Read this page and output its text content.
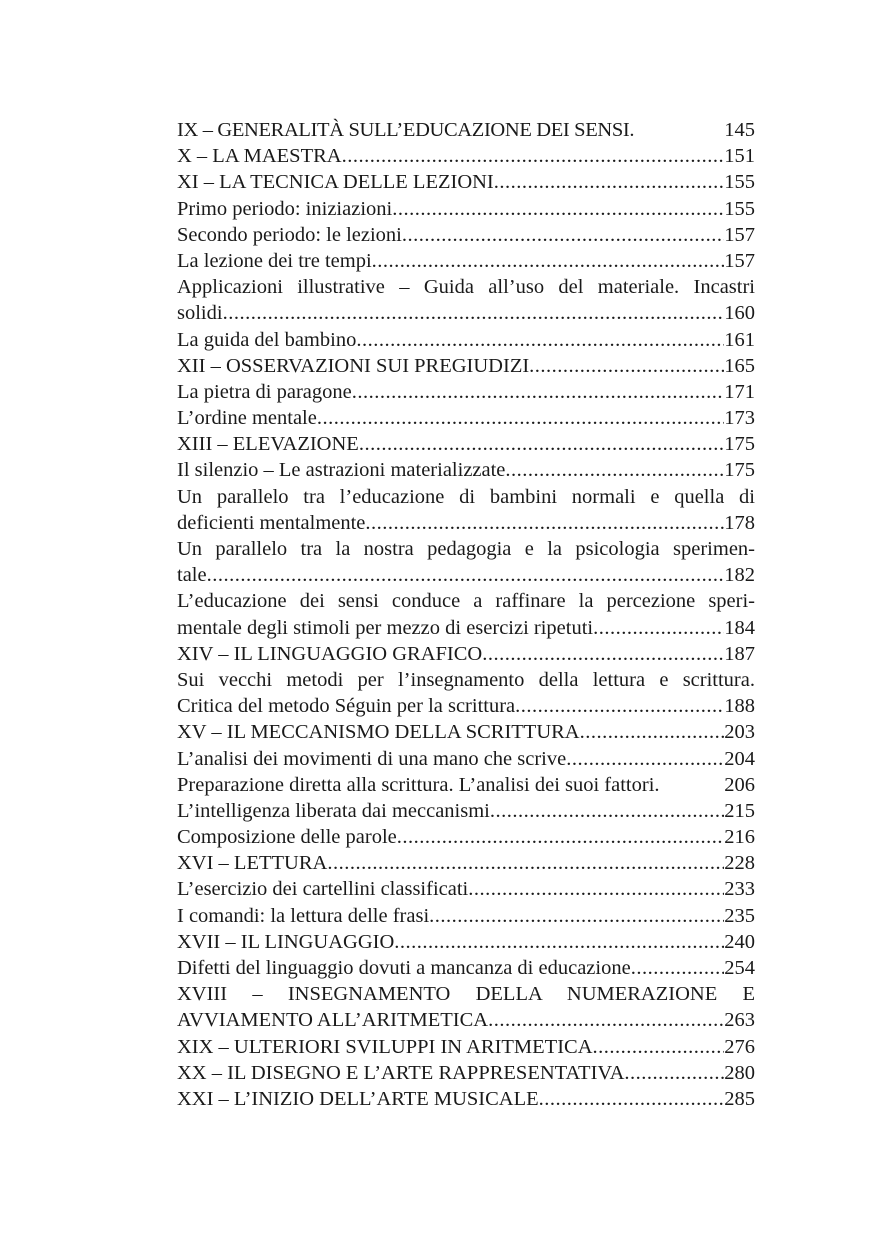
IX – GENERALITÀ SULL’EDUCAZIONE DEI SENSI.	145
X – LA MAESTRA .....	151
XI – LA TECNICA DELLE LEZIONI .....	155
Primo periodo: iniziazioni .....	155
Secondo periodo: le lezioni .....	157
La lezione dei tre tempi .....	157
Applicazioni illustrative – Guida all’uso del materiale. Incastri
solidi .....	160
La guida del bambino .....	161
XII – OSSERVAZIONI SUI PREGIUDIZI .....	165
La pietra di paragone .....	171
L’ordine mentale .....	173
XIII – ELEVAZIONE .....	175
Il silenzio – Le astrazioni materializzate .....	175
Un parallelo tra l’educazione di bambini normali e quella di
deficienti mentalmente .....	178
Un parallelo tra la nostra pedagogia e la psicologia sperimen-
tale .....	182
L’educazione dei sensi conduce a raffinare la percezione speri-
mentale degli stimoli per mezzo di esercizi ripetuti .....	184
XIV – IL LINGUAGGIO GRAFICO .....	187
Sui vecchi metodi per l’insegnamento della lettura e scrittura.
Critica del metodo Séguin per la scrittura .....	188
XV – IL MECCANISMO DELLA SCRITTURA .....	203
L’analisi dei movimenti di una mano che scrive .....	204
Preparazione diretta alla scrittura. L’analisi dei suoi fattori.	206
L’intelligenza liberata dai meccanismi .....	215
Composizione delle parole .....	216
XVI – LETTURA .....	228
L’esercizio dei cartellini classificati .....	233
I comandi: la lettura delle frasi .....	235
XVII – IL LINGUAGGIO .....	240
Difetti del linguaggio dovuti a mancanza di educazione .....	254
XVIII – INSEGNAMENTO DELLA NUMERAZIONE E
AVVIAMENTO ALL’ARITMETICA .....	263
XIX – ULTERIORI SVILUPPI IN ARITMETICA .....	276
XX – IL DISEGNO E L’ARTE RAPPRESENTATIVA .....	280
XXI – L’INIZIO DELL’ARTE MUSICALE .....	285
